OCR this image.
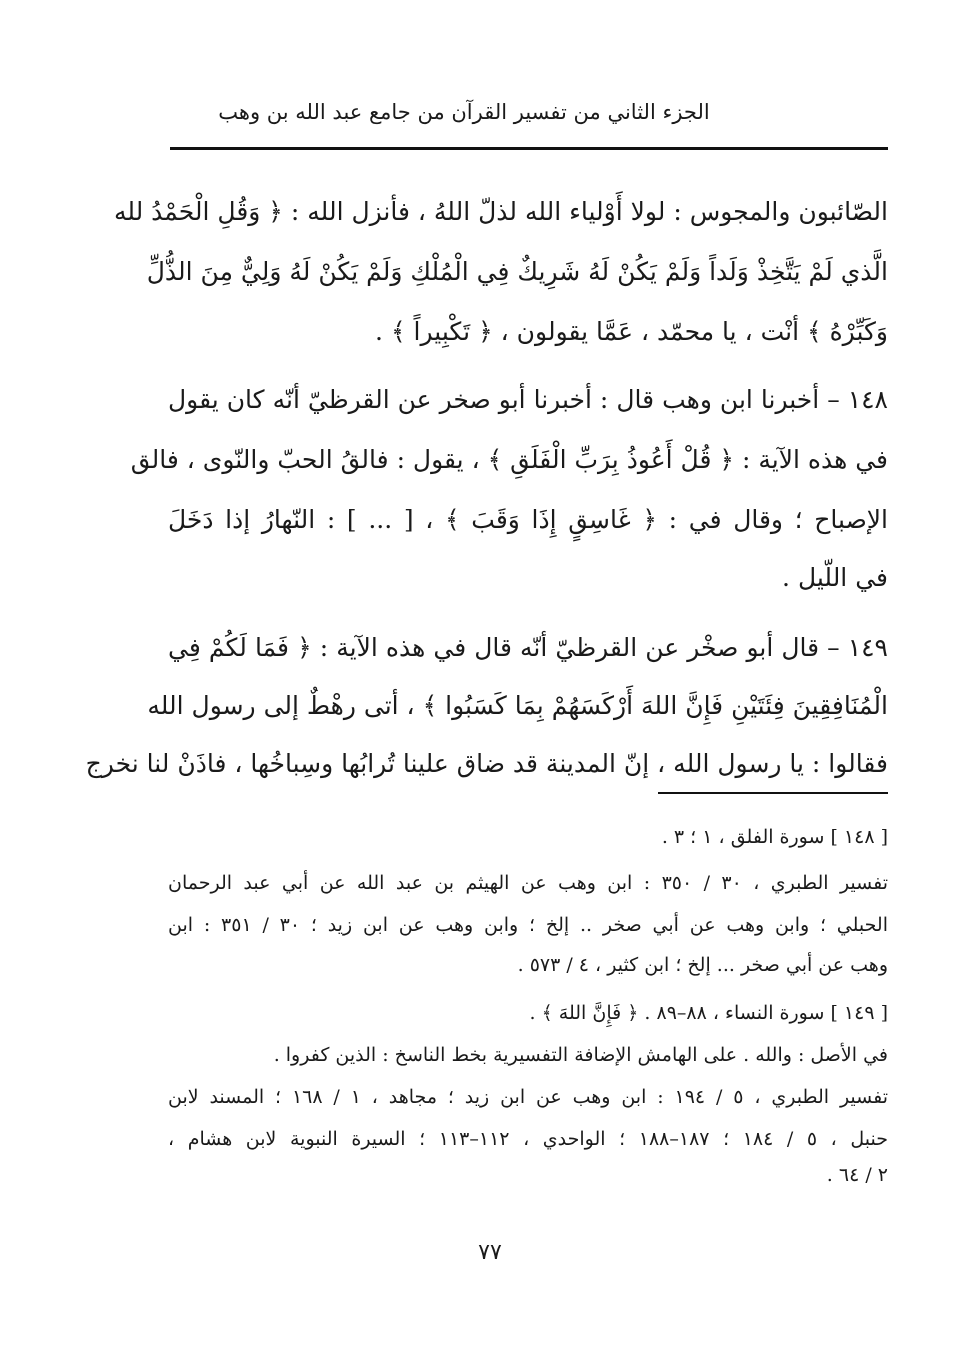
الجزء الثاني من تفسير القرآن من جامع عبد الله بن وهب
الصّائبون والمجوس : لولا أَوْلياء الله لذلّ اللهُ ، فأنزل الله : ﴿ وَقُلِ الْحَمْدُ لله
الَّذي لَمْ يَتَّخِذْ وَلَداً وَلَمْ يَكُنْ لَهُ شَرِيكٌ فِي الْمُلْكِ وَلَمْ يَكُنْ لَهُ وَلِيٌّ مِنَ الذُّلِّ
وَكَبِّرْهُ ﴾ أنْت ، يا محمّد ، عَمَّا يقولون ، ﴿ تَكْبِيراً ﴾ .
١٤٨ – أخبرنا ابن وهب قال : أخبرنا أبو صخر عن القرظيّ أنّه كان يقول
في هذه الآية : ﴿ قُلْ أَعُوذُ بِرَبِّ الْفَلَقِ ﴾ ، يقول : فالقُ الحبّ والنّوى ، فالق
الإصباح ؛ وقال في : ﴿ غَاسِقٍ إِذَا وَقَبَ ﴾ ، [ ... ] : النّهارُ إذا دَخَلَ
في اللّيل .
١٤٩ – قال أبو صخْر عن القرظيّ أنّه قال في هذه الآية : ﴿ فَمَا لَكُمْ فِي
الْمُنَافِقِينَ فِئَتَيْنِ فَإِنَّ اللهَ أَرْكَسَهُمْ بِمَا كَسَبُوا ﴾ ، أتى رهْطٌ إلى رسول الله
فقالوا : يا رسول الله ، إنّ المدينة قد ضاق علينا تُرابُها وسِباخُها ، فاذَنْ لنا نخرج
[ ١٤٨ ] سورة الفلق ، ١ ؛ ٣ .
تفسير الطبري ، ٣٠ / ٣٥٠ : ابن وهب عن الهيثم بن عبد الله عن أبي عبد الرحمان
الحبلي ؛ وابن وهب عن أبي صخر .. إلخ ؛ وابن وهب عن ابن زيد ؛ ٣٠ / ٣٥١ : ابن
وهب عن أبي صخر ... إلخ ؛ ابن كثير ، ٤ / ٥٧٣ .
[ ١٤٩ ] سورة النساء ، ٨٨–٨٩ . ﴿ فَإِنَّ اللهَ ﴾ .
في الأصل : والله . على الهامش الإضافة التفسيرية بخط الناسخ : الذين كفروا .
تفسير الطبري ، ٥ / ١٩٤ : ابن وهب عن ابن زيد ؛ مجاهد ، ١ / ١٦٨ ؛ المسند لابن
حنبل ، ٥ / ١٨٤ ؛ ١٨٧–١٨٨ ؛ الواحدي ، ١١٢–١١٣ ؛ السيرة النبوية لابن هشام ،
٢ / ٦٤ .
٧٧
